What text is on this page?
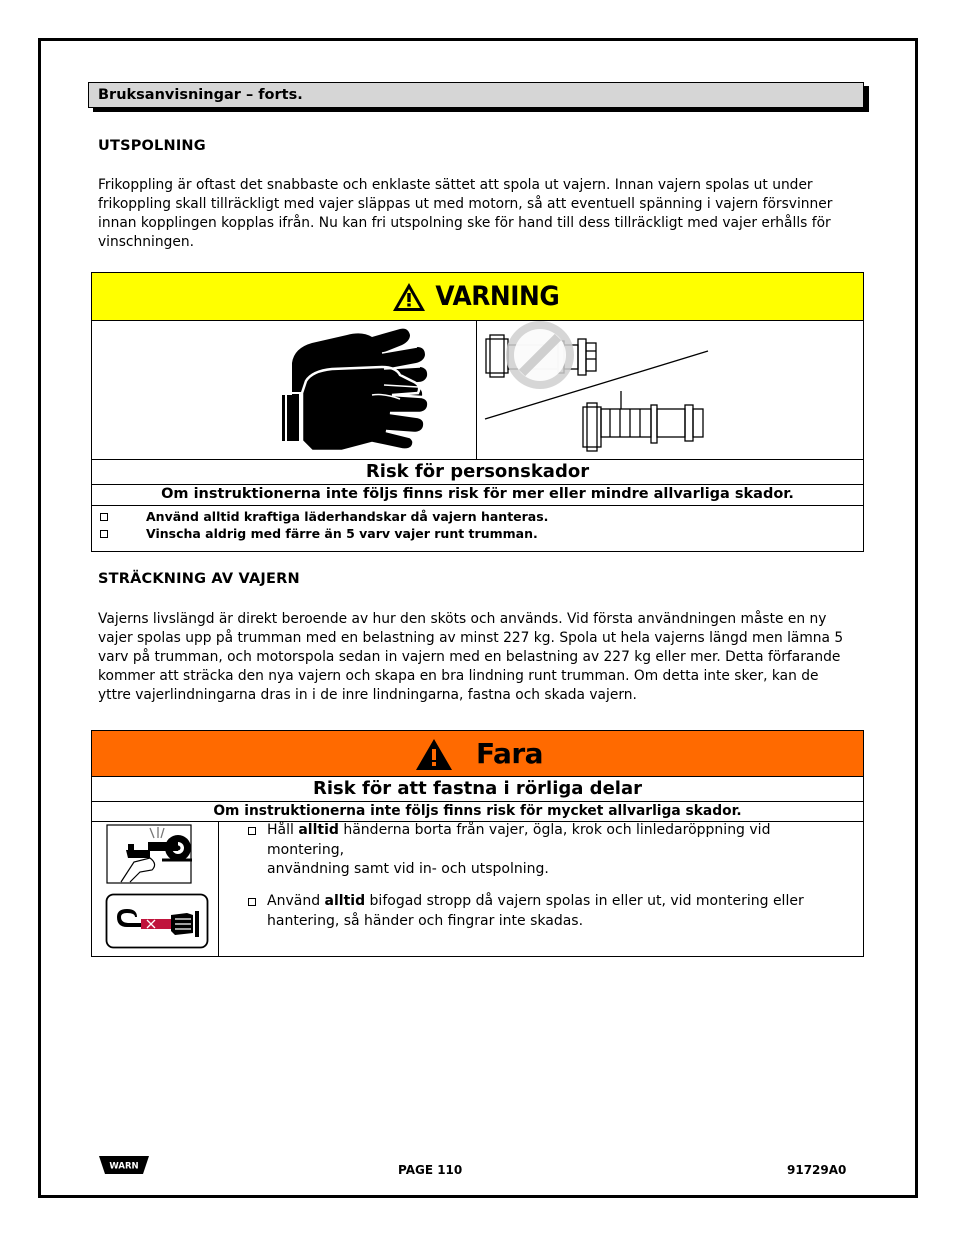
Bruksanvisningar – forts.
UTSPOLNING
Frikoppling är oftast det snabbaste och enklaste sättet att spola ut vajern. Innan vajern spolas ut under
frikoppling skall tillräckligt med vajer släppas ut med motorn, så att eventuell spänning i vajern försvinner
innan kopplingen kopplas ifrån. Nu kan fri utspolning ske för hand till dess tillräckligt med vajer erhålls för
vinschningen.
VARNING
Risk för personskador
Om instruktionerna inte följs finns risk för mer eller mindre allvarliga skador.
Använd alltid kraftiga läderhandskar då vajern hanteras.
Vinscha aldrig med färre än 5 varv vajer runt trumman.
STRÄCKNING AV VAJERN
Vajerns livslängd är direkt beroende av hur den sköts och används. Vid första användningen måste en ny
vajer spolas upp på trumman med en belastning av minst 227 kg. Spola ut hela vajerns längd men lämna 5
varv på trumman, och motorspola sedan in vajern med en belastning av 227 kg eller mer. Detta förfarande
kommer att sträcka den nya vajern och skapa en bra lindning runt trumman. Om detta inte sker, kan de
yttre vajerlindningarna dras in i de inre lindningarna, fastna och skada vajern.
Fara
Risk för att fastna i rörliga delar
Om instruktionerna inte följs finns risk för mycket allvarliga skador.
Håll alltid händerna borta från vajer, ögla, krok och linledaröppning vid montering,
användning samt vid in- och utspolning.
Använd alltid bifogad stropp då vajern spolas in eller ut, vid montering eller
hantering, så händer och fingrar inte skadas.
WARN	PAGE 110	91729A0
